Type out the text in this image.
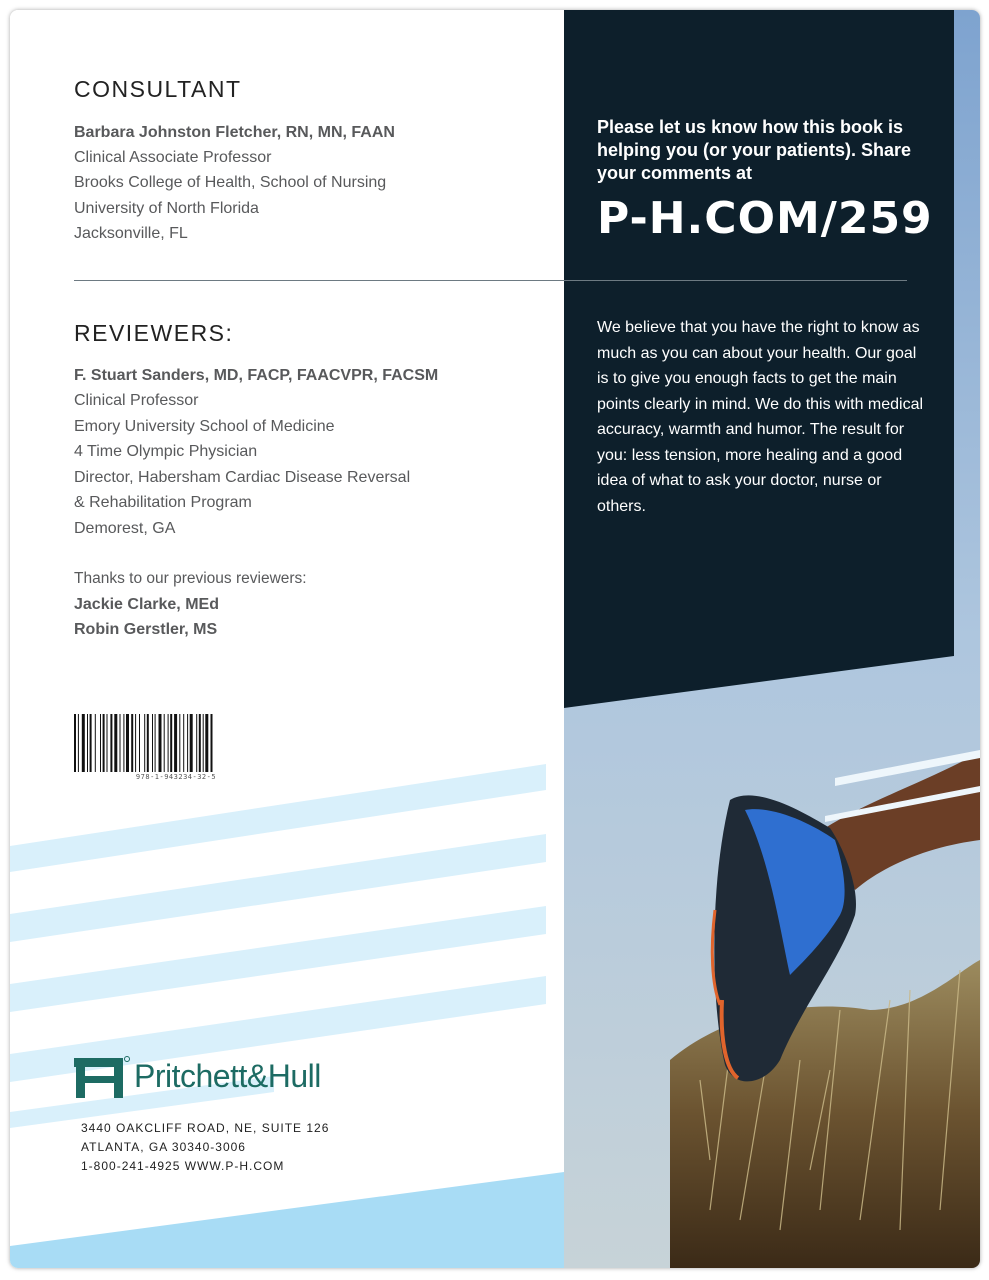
CONSULTANT
Barbara Johnston Fletcher, RN, MN, FAAN
Clinical Associate Professor
Brooks College of Health, School of Nursing
University of North Florida
Jacksonville, FL
REVIEWERS:
F. Stuart Sanders, MD, FACP, FAACVPR, FACSM
Clinical Professor
Emory University School of Medicine
4 Time Olympic Physician
Director, Habersham Cardiac Disease Reversal
& Rehabilitation Program
Demorest, GA
Thanks to our previous reviewers:
Jackie Clarke, MEd
Robin Gerstler, MS
978-1-943234-32-5
Pritchett&Hull
3440 OAKCLIFF ROAD, NE, SUITE 126
ATLANTA, GA 30340-3006
1-800-241-4925 WWW.P-H.COM
Please let us know how this book is helping you (or your patients). Share your comments at
P-H.COM/259
We believe that you have the right to know as much as you can about your health. Our goal is to give you enough facts to get the main points clearly in mind. We do this with medical accuracy, warmth and humor. The result for you: less tension, more healing and a good idea of what to ask your doctor, nurse or others.
